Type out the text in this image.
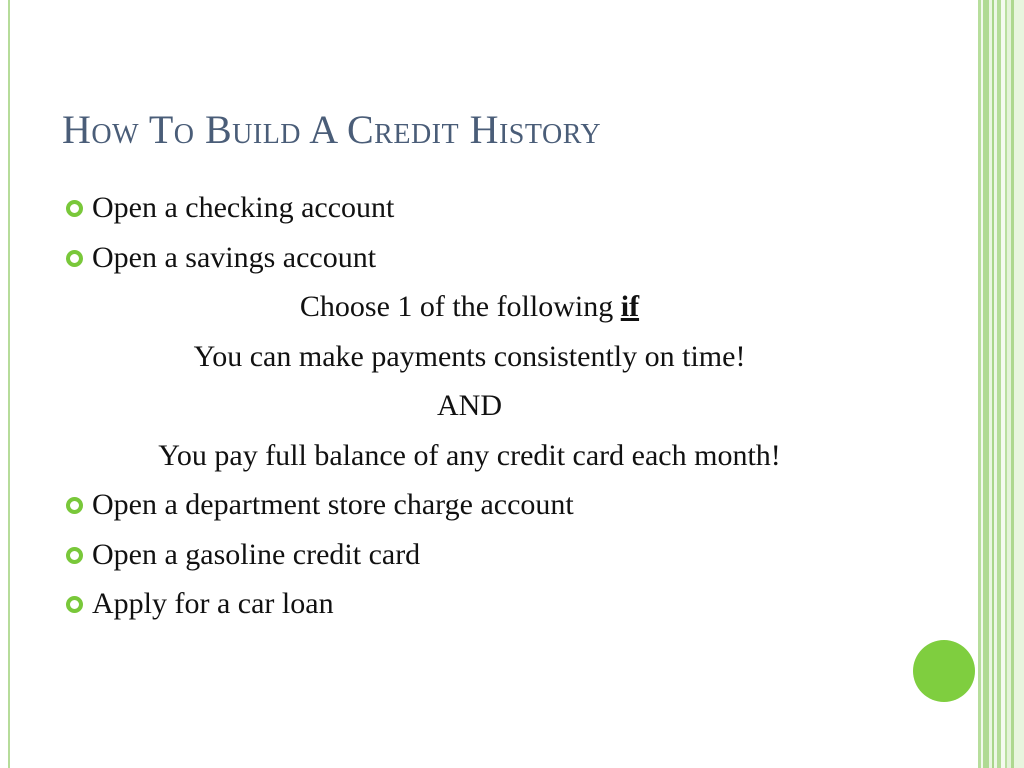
How To Build A Credit History
Open a checking account
Open a savings account
Choose 1 of the following if
You can make payments consistently on time!
AND
You pay full balance of any credit card each month!
Open a department store charge account
Open a gasoline credit card
Apply for a car loan
